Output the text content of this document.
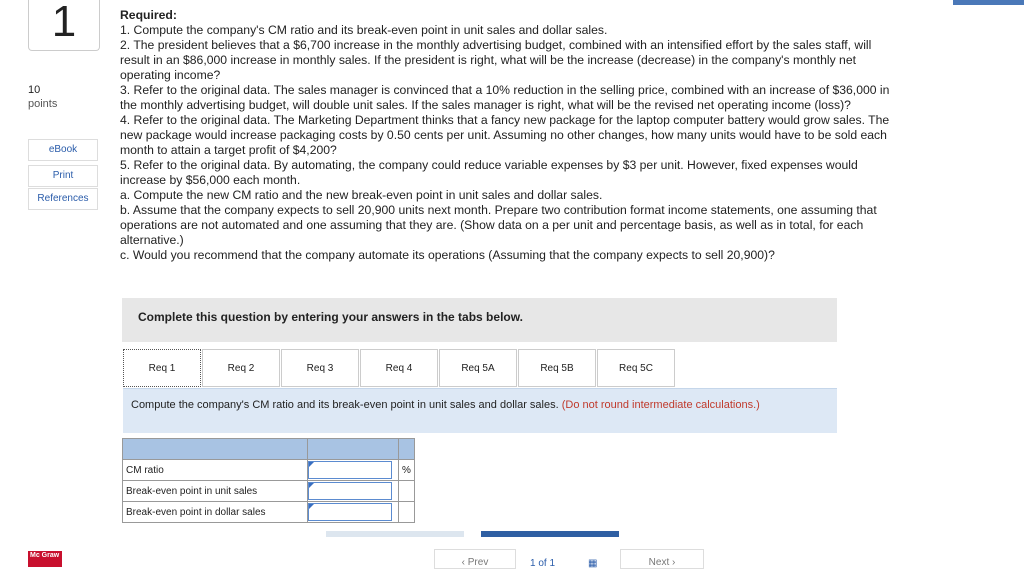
1
10
points
eBook
Print
References

Required:

1. Compute the company's CM ratio and its break-even point in unit sales and dollar sales.

2. The president believes that a $6,700 increase in the monthly advertising budget, combined with an intensified effort by the sales staff, will result in an $86,000 increase in monthly sales. If the president is right, what will be the increase (decrease) in the company's monthly net operating income?

3. Refer to the original data. The sales manager is convinced that a 10% reduction in the selling price, combined with an increase of $36,000 in the monthly advertising budget, will double unit sales. If the sales manager is right, what will be the revised net operating income (loss)?

4. Refer to the original data. The Marketing Department thinks that a fancy new package for the laptop computer battery would grow sales. The new package would increase packaging costs by 0.50 cents per unit. Assuming no other changes, how many units would have to be sold each month to attain a target profit of $4,200?

5. Refer to the original data. By automating, the company could reduce variable expenses by $3 per unit. However, fixed expenses would increase by $56,000 each month.

a. Compute the new CM ratio and the new break-even point in unit sales and dollar sales.

b. Assume that the company expects to sell 20,900 units next month. Prepare two contribution format income statements, one assuming that operations are not automated and one assuming that they are. (Show data on a per unit and percentage basis, as well as in total, for each alternative.)

c. Would you recommend that the company automate its operations (Assuming that the company expects to sell 20,900)?

Complete this question by entering your answers in the tabs below.
Req 1	Req 2	Req 3	Req 4	Req 5A	Req 5B	Req 5C
Compute the company's CM ratio and its break-even point in unit sales and dollar sales. (Do not round intermediate calculations.)

CM ratio		%
Break-even point in unit sales	

Break-even point in dollar sales	

Mc Graw
‹ Prev	1 of 1	▦	Next ›
